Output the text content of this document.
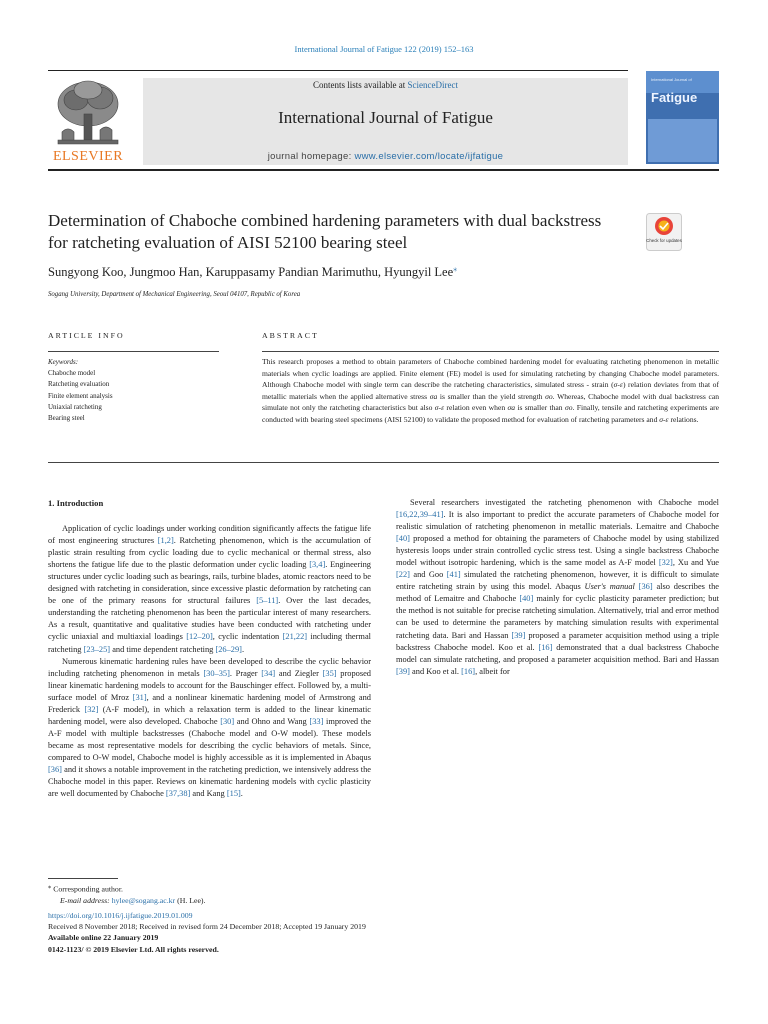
International Journal of Fatigue 122 (2019) 152–163
ELSEVIER
Contents lists available at ScienceDirect
International Journal of Fatigue
journal homepage: www.elsevier.com/locate/ijfatigue
International Journal of
Fatigue
Determination of Chaboche combined hardening parameters with dual backstress for ratcheting evaluation of AISI 52100 bearing steel	Check for updates
Sungyong Koo, Jungmoo Han, Karuppasamy Pandian Marimuthu, Hyungyil Lee⁎
Sogang University, Department of Mechanical Engineering, Seoul 04107, Republic of Korea
ARTICLE INFO	ABSTRACT
Keywords:
Chaboche model
Ratcheting evaluation
Finite element analysis
Uniaxial ratcheting
Bearing steel
This research proposes a method to obtain parameters of Chaboche combined hardening model for evaluating ratcheting phenomenon in metallic materials when cyclic loadings are applied. Finite element (FE) model is used for simulating ratcheting by changing Chaboche model parameters. Although Chaboche model with single term can describe the ratcheting characteristics, simulated stress - strain (σ-ε) relation deviates from that of metallic materials when the applied alternative stress σa is smaller than the yield strength σo. Whereas, Chaboche model with dual backstress can simulate not only the ratcheting characteristics but also σ-ε relation even when σa is smaller than σo. Finally, tensile and ratcheting experiments are conducted with bearing steel specimens (AISI 52100) to validate the proposed method for evaluation of ratcheting parameters and σ-ε relations.

1. Introduction

Application of cyclic loadings under working condition significantly affects the fatigue life of most engineering structures [1,2]. Ratcheting phenomenon, which is the accumulation of plastic strain resulting from cyclic loading due to cyclic mechanical or thermal stress, also shortens the fatigue life due to the plastic deformation under cyclic loading [3,4]. Engineering structures under cyclic loading such as bearings, rails, turbine blades, atomic reactors need to be designed with ratcheting in consideration, since excessive plastic deformation by ratcheting can be one of the primary reasons for structural failures [5–11]. Over the last decades, understanding the ratcheting phenomenon has been the particular interest of many researchers. As a result, quantitative and qualitative studies have been conducted with ratcheting under cyclic uniaxial and multiaxial loadings [12–20], cyclic indentation [21,22] including thermal ratcheting [23–25] and time dependent ratcheting [26–29].

Numerous kinematic hardening rules have been developed to describe the cyclic behavior including ratcheting phenomenon in metals [30–35]. Prager [34] and Ziegler [35] proposed linear kinematic hardening models to account for the Bauschinger effect. Followed by, a multi-surface model of Mroz [31], and a nonlinear kinematic hardening model of Armstrong and Frederick [32] (A-F model), in which a relaxation term is added to the linear kinematic hardening model, were also developed. Chaboche [30] and Ohno and Wang [33] improved the A-F model with multiple backstresses (Chaboche model and O-W model). These models became as most representative models for describing the cyclic behaviors of metals. Since, compared to O-W model, Chaboche model is highly accessible as it is implemented in Abaqus [36] and it shows a notable improvement in the ratcheting prediction, we intensively address the Chaboche model in this paper. Reviews on kinematic hardening models with cyclic plasticity are well documented by Chaboche [37,38] and Kang [15].

Several researchers investigated the ratcheting phenomenon with Chaboche model [16,22,39–41]. It is also important to predict the accurate parameters of Chaboche model for realistic simulation of ratcheting phenomenon in metallic materials. Lemaitre and Chaboche [40] proposed a method for obtaining the parameters of Chaboche model by using stabilized hysteresis loops under strain controlled cyclic stress test. Using a single backstress Chaboche model without isotropic hardening, which is the same model as A-F model [32], Xu and Yue [22] and Goo [41] simulated the ratcheting phenomenon, however, it is difficult to simulate entire ratcheting strain by using this model. Abaqus User's manual [36] also describes the method of Lemaitre and Chaboche [40] mainly for cyclic plasticity parameter prediction; but the method is not suitable for precise ratcheting simulation. Alternatively, trial and error method can be used to determine the parameters by matching simulation results with experimental ratcheting data. Bari and Hassan [39] proposed a parameter acquisition method using a triple backstress Chaboche model. Koo et al. [16] demonstrated that a dual backstress Chaboche model can simulate ratcheting, and proposed a parameter acquisition method. Bari and Hassan [39] and Koo et al. [16], albeit for

⁎ Corresponding author.
E-mail address: hylee@sogang.ac.kr (H. Lee).
https://doi.org/10.1016/j.ijfatigue.2019.01.009
Received 8 November 2018; Received in revised form 24 December 2018; Accepted 19 January 2019
Available online 22 January 2019
0142-1123/ © 2019 Elsevier Ltd. All rights reserved.
